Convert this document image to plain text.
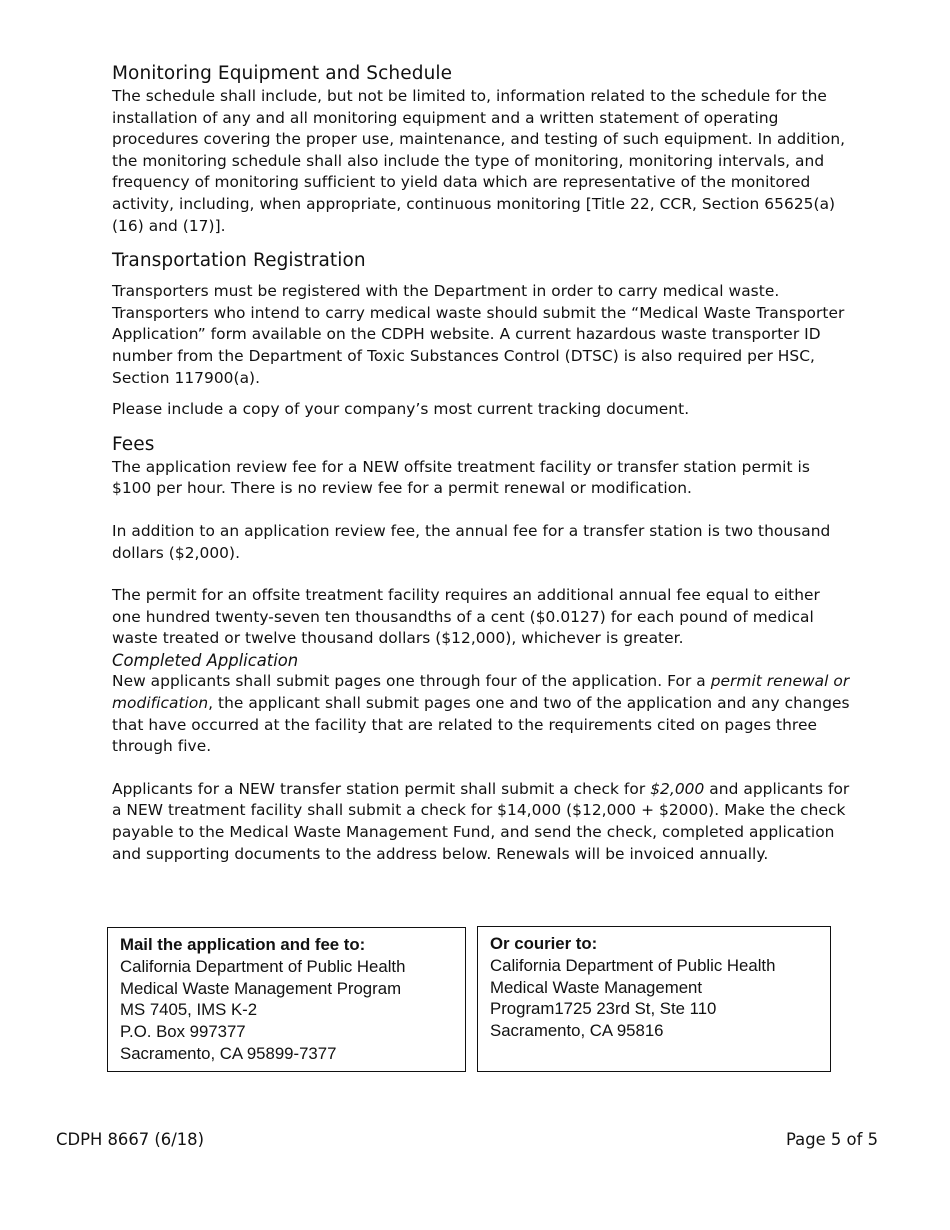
Monitoring Equipment and Schedule

The schedule shall include, but not be limited to, information related to the schedule for the installation of any and all monitoring equipment and a written statement of operating procedures covering the proper use, maintenance, and testing of such equipment. In addition, the monitoring schedule shall also include the type of monitoring, monitoring intervals, and frequency of monitoring sufficient to yield data which are representative of the monitored activity, including, when appropriate, continuous monitoring [Title 22, CCR, Section 65625(a)(16) and (17)].

Transportation Registration

Transporters must be registered with the Department in order to carry medical waste. Transporters who intend to carry medical waste should submit the “Medical Waste Transporter Application” form available on the CDPH website. A current hazardous waste transporter ID number from the Department of Toxic Substances Control (DTSC) is also required per HSC, Section 117900(a).

Please include a copy of your company’s most current tracking document.

Fees

The application review fee for a NEW offsite treatment facility or transfer station permit is $100 per hour. There is no review fee for a permit renewal or modification.

In addition to an application review fee, the annual fee for a transfer station is two thousand dollars ($2,000).

The permit for an offsite treatment facility requires an additional annual fee equal to either one hundred twenty-seven ten thousandths of a cent ($0.0127) for each pound of medical waste treated or twelve thousand dollars ($12,000), whichever is greater.

Completed Application

New applicants shall submit pages one through four of the application. For a permit renewal or modification, the applicant shall submit pages one and two of the application and any changes that have occurred at the facility that are related to the requirements cited on pages three through five.

Applicants for a NEW transfer station permit shall submit a check for $2,000 and applicants for a NEW treatment facility shall submit a check for $14,000 ($12,000 + $2000). Make the check payable to the Medical Waste Management Fund, and send the check, completed application and supporting documents to the address below. Renewals will be invoiced annually.

Mail the application and fee to:
California Department of Public Health
Medical Waste Management Program
MS 7405, IMS K-2
P.O. Box 997377
Sacramento, CA 95899-7377
Or courier to:
California Department of Public Health
Medical Waste Management
Program1725 23rd St, Ste 110
Sacramento, CA 95816
CDPH 8667 (6/18)	Page 5 of 5
